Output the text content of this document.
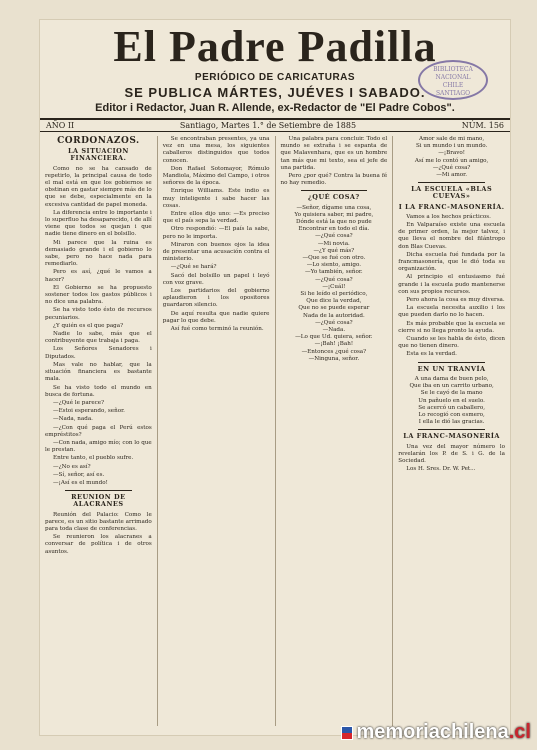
El Padre Padilla
PERIÓDICO DE CARICATURAS
SE PUBLICA MÁRTES, JUÉVES I SABADO.
Editor i Redactor, Juan R. Allende, ex-Redactor de "El Padre Cobos".
BIBLIOTECA NACIONAL
CHILE
SANTIAGO
AÑO II	Santiago, Martes 1.° de Setiembre de 1885	NÚM. 156
CORDONAZOS.
LA SITUACION FINANCIERA.

Como no se ha cansado de repetirlo, la principal causa de todo el mal está en que los gobiernos se obstinan en gastar siempre más de lo que se debe, especialmente en la excesiva cantidad de papel moneda.

La diferencia entre lo importante i lo superfluo ha desaparecido, i de allí viene que todos se quejan i que nadie tiene dinero en el bolsillo.

Mi parece que la ruina es demasiado grande i el gobierno lo sabe, pero no hace nada para remediarlo.

Pero es así, ¿qué le vamos a hacer?

El Gobierno se ha propuesto sostener todos los gastos públicos i no dice una palabra.

Se ha visto todo ésto de recursos pecuniarios.

¿Y quién es el que paga?

Nadie lo sabe, más que el contribuyente que trabaja i paga.

Los Señores Senadores i Diputados.

Mas vale no hablar, que la situación financiera es bastante mala.

Se ha visto todo el mundo en busca de fortuna.

—¿Qué le parece?

—Estoi esperando, señor.

—Nada, nada.

—¿Con qué paga el Perú estos empréstitos?

—Con nada, amigo mío; con lo que le prestan.

Entre tanto, el pueblo sufre.

—¿No es así?

—Sí, señor, así es.

—¡Así es el mundo!

REUNION DE ALACRANES

Reunión del Palacio: Como le parece, es un sitio bastante arrimado para toda clase de conferencias.

Se reunieron los alacranes a conversar de política i de otros asuntos.

Se encontraban presentes, ya una vez en una mesa, los siguientes caballeros distinguidos que todos conocen.

Don Rafael Sotomayor, Rómulo Mandiola, Máximo del Campo, i otros señores de la época.

Enrique Williams. Este indio es muy inteligente i sabe hacer las cosas.

Entre ellos dijo uno: —Es preciso que el país sepa la verdad.

Otro respondió: —El país la sabe, pero no le importa.

Miraron con buenos ojos la idea de presentar una acusación contra el ministerio.

—¿Qué se hará?

Sacó del bolsillo un papel i leyó con voz grave.

Los partidarios del gobierno aplaudieron i los opositores guardaron silencio.

De aquí resulta que nadie quiere pagar lo que debe.

Así fué como terminó la reunión.

Una palabra para concluir. Todo el mundo se extraña i se espanta de que Malavenhara, que es un hombre tan más que mi texto, sea el jefe de una partida.

Pero ¿por qué? Contra la buena fé no hay remedio.

¿QUÉ COSA?

—Señor, dígame una cosa,

Yo quisiera saber, mi padre,

Dónde está la que no pude

Encontrar en todo el día.

—¿Qué cosa?

—Mi novia.

—¿Y qué más?

—Que se fué con otro.

—Lo siento, amigo.

—Yo también, señor.

—¿Qué cosa?

—¡Cuál!

Si he leído el periódico,

Que dice la verdad,

Que no se puede esperar

Nada de la autoridad.

—¿Qué cosa?

—Nada.

—Lo que Ud. quiera, señor.

—¡Bah! ¡Bah!

—Entonces ¿qué cosa?

—Ninguna, señor.

Amor sale de mi mano,

Si un mundo i un mundo.

—¡Bravo!

Así me lo contó un amigo,

—¿Qué cosa?

—Mi amor.

LA ESCUELA «BLAS CUEVAS»
I LA FRANC-MASONERÍA.

Vamos a los hechos prácticos.

En Valparaíso existe una escuela de primer orden, la mejor talvez, i que lleva el nombre del filántropo don Blas Cuevas.

Dicha escuela fué fundada por la francmasonería, que le dió toda su organización.

Al principio el entusiasmo fué grande i la escuela pudo mantenerse con sus propios recursos.

Pero ahora la cosa es muy diversa.

La escuela necesita auxilio i los que pueden darlo no lo hacen.

Es más probable que la escuela se cierre si no llega pronto la ayuda.

Cuando se les habla de ésto, dicen que no tienen dinero.

Esta es la verdad.

EN UN TRANVÍA

A una dama de buen pelo,

Que iba en un carrito urbano,

Se le cayó de la mano

Un pañuelo en el suelo.

Se acercó un caballero,

Lo recogió con esmero,

I ella le dió las gracias.

LA FRANC-MASONERÍA

Una vez del mayor número lo revelarán los P. de S. i G. de la Sociedad.

Los H. Sres. Dr. W. Pet...

memoriachilena.cl
